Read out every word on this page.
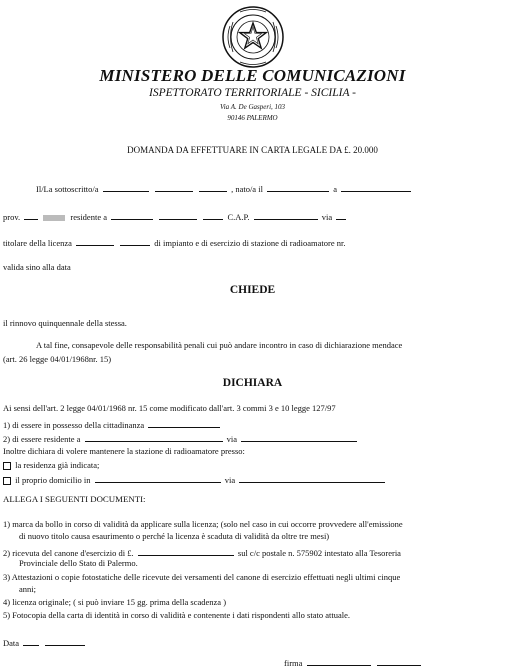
MINISTERO DELLE COMUNICAZIONI
ISPETTORATO TERRITORIALE - SICILIA -
Via A. De Gasperi, 103
90146 PALERMO
DOMANDA DA EFFETTUARE IN CARTA LEGALE DA £. 20.000
Il/La sottoscritto/a	, nato/a il	a
prov.	residente a	C.A.P.	via
titolare della licenza	di impianto e di esercizio di stazione di radioamatore nr.
valida sino alla data
CHIEDE
il rinnovo quinquennale della stessa.
A tal fine, consapevole delle responsabilità penali cui può andare incontro in caso di dichiarazione mendace
(art. 26 legge 04/01/1968nr. 15)
DICHIARA
Ai sensi dell'art. 2 legge 04/01/1968 nr. 15 come modificato dall'art. 3 commi 3 e 10 legge 127/97
1) di essere in possesso della cittadinanza
2) di essere residente a	via
Inoltre dichiara di volere mantenere la stazione di radioamatore presso:
la residenza già indicata;
il proprio domicilio in	via
ALLEGA I SEGUENTI DOCUMENTI:
1) marca da bollo in corso di validità da applicare sulla licenza; (solo nel caso in cui occorre provvedere all'emissione
di nuovo titolo causa esaurimento o perché la licenza è scaduta di validità da oltre tre mesi)
2) ricevuta del canone d'esercizio di £.	sul c/c postale n. 575902 intestato alla Tesoreria
Provinciale dello Stato di Palermo.
3) Attestazioni o copie fotostatiche delle ricevute dei versamenti del canone di esercizio effettuati negli ultimi cinque
anni;
4) licenza originale; ( si può inviare 15 gg. prima della scadenza )
5) Fotocopia della carta di identità in corso di validità e contenente i dati rispondenti allo stato attuale.
Data
firma
